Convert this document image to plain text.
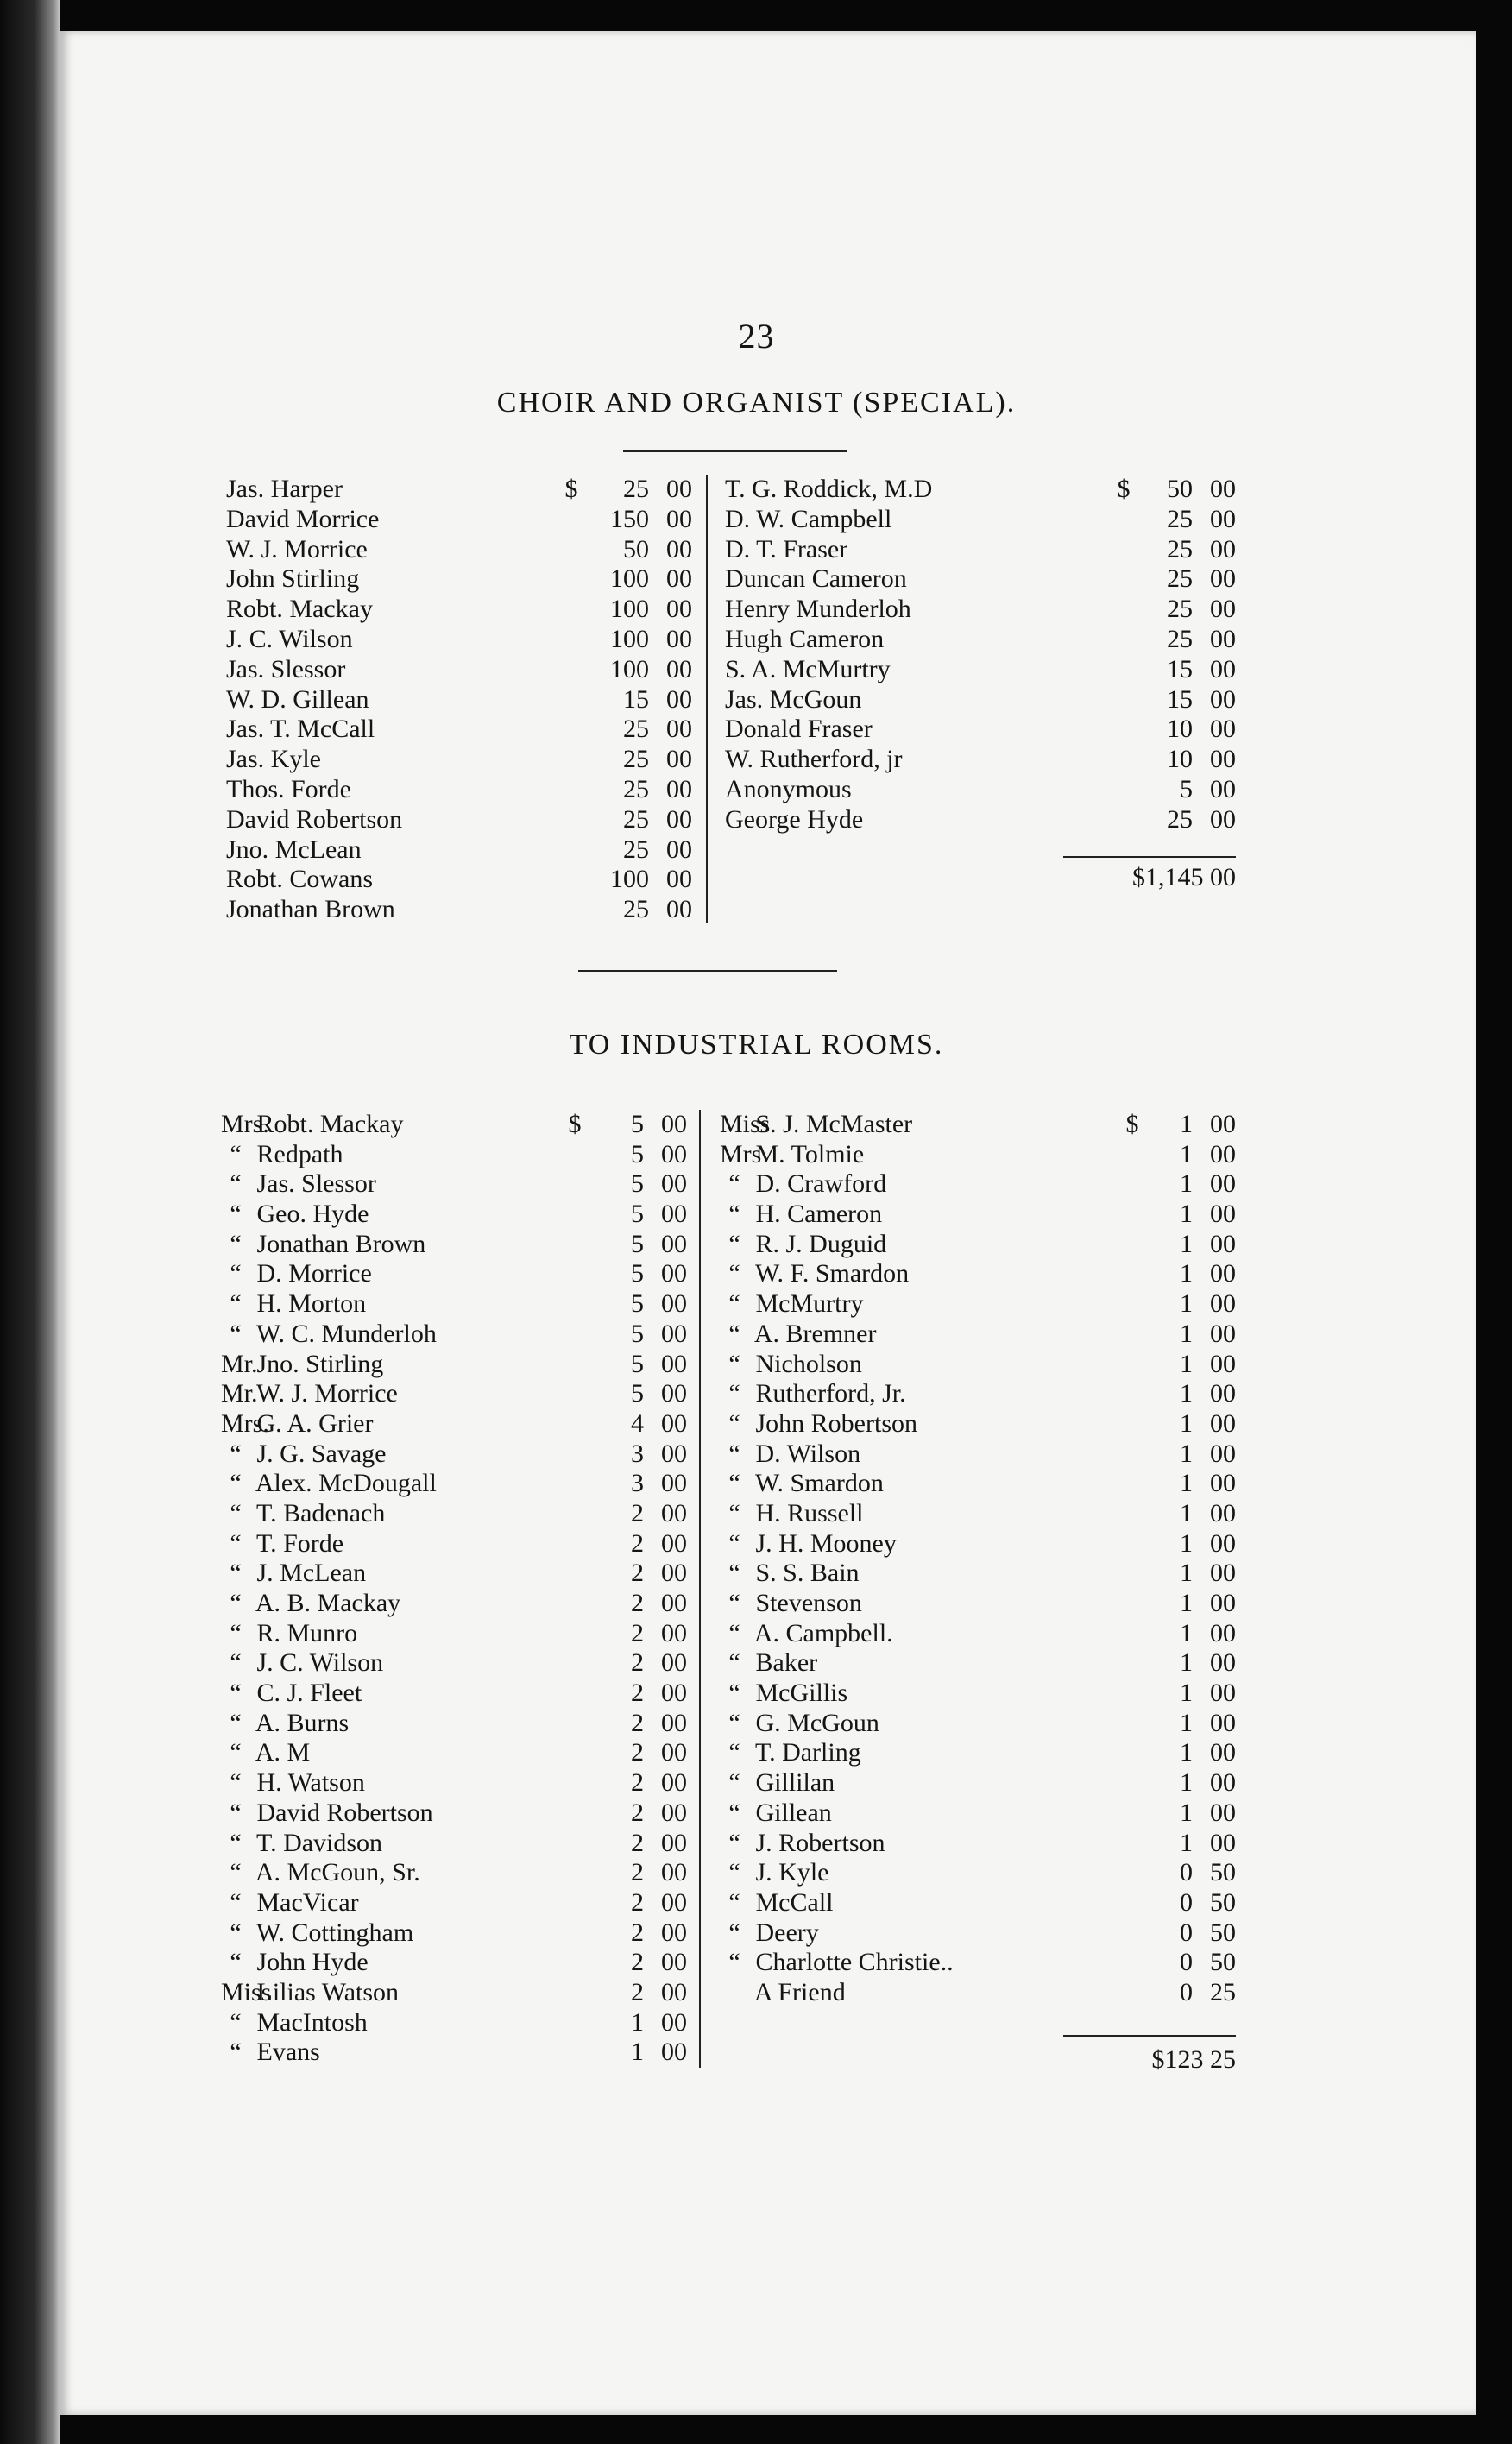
23
CHOIR AND ORGANIST (SPECIAL).
Jas. Harper	$	25 00
David Morrice	150 00
W. J. Morrice	50 00
John Stirling	100 00
Robt. Mackay	100 00
J. C. Wilson	100 00
Jas. Slessor	100 00
W. D. Gillean	15 00
Jas. T. McCall	25 00
Jas. Kyle	25 00
Thos. Forde	25 00
David Robertson	25 00
Jno. McLean	25 00
Robt. Cowans	100 00
Jonathan Brown	25 00
T. G. Roddick, M.D	$	50 00
D. W. Campbell	25 00
D. T. Fraser	25 00
Duncan Cameron	25 00
Henry Munderloh	25 00
Hugh Cameron	25 00
S. A. McMurtry	15 00
Jas. McGoun	15 00
Donald Fraser	10 00
W. Rutherford, jr	10 00
Anonymous	5 00
George Hyde	25 00
$1,145 00
TO INDUSTRIAL ROOMS.
Mrs. Robt. Mackay	$	5 00
“ Redpath	5 00
“ Jas. Slessor	5 00
“ Geo. Hyde	5 00
“ Jonathan Brown	5 00
“ D. Morrice	5 00
“ H. Morton	5 00
“ W. C. Munderloh	5 00
Mr. Jno. Stirling	5 00
Mr. W. J. Morrice	5 00
Mrs. G. A. Grier	4 00
“ J. G. Savage	3 00
“ Alex. McDougall	3 00
“ T. Badenach	2 00
“ T. Forde	2 00
“ J. McLean	2 00
“ A. B. Mackay	2 00
“ R. Munro	2 00
“ J. C. Wilson	2 00
“ C. J. Fleet	2 00
“ A. Burns	2 00
“ A. M	2 00
“ H. Watson	2 00
“ David Robertson	2 00
“ T. Davidson	2 00
“ A. McGoun, Sr.	2 00
“ MacVicar	2 00
“ W. Cottingham	2 00
“ John Hyde	2 00
Miss Lilias Watson	2 00
“ MacIntosh	1 00
“ Evans	1 00
Miss S. J. McMaster	$	1 00
Mrs M. Tolmie	1 00
“ D. Crawford	1 00
“ H. Cameron	1 00
“ R. J. Duguid	1 00
“ W. F. Smardon	1 00
“ McMurtry	1 00
“ A. Bremner	1 00
“ Nicholson	1 00
“ Rutherford, Jr.	1 00
“ John Robertson	1 00
“ D. Wilson	1 00
“ W. Smardon	1 00
“ H. Russell	1 00
“ J. H. Mooney	1 00
“ S. S. Bain	1 00
“ Stevenson	1 00
“ A. Campbell.	1 00
“ Baker	1 00
“ McGillis	1 00
“ G. McGoun	1 00
“ T. Darling	1 00
“ Gillilan	1 00
“ Gillean	1 00
“ J. Robertson	1 00
“ J. Kyle	0 50
“ McCall	0 50
“ Deery	0 50
“ Charlotte Christie..	0 50
A Friend	0 25
$123 25
